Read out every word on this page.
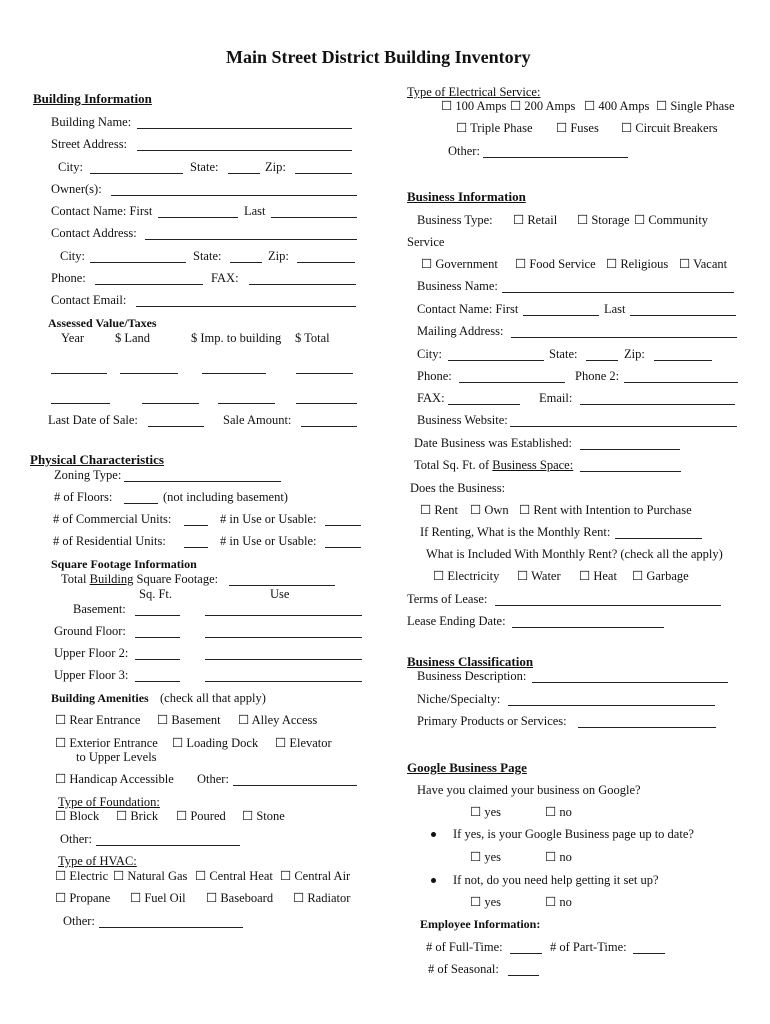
Main Street District Building Inventory
Building Information
Building Name:
Street Address:
City:	State:	Zip:
Owner(s):
Contact Name: First	Last
Contact Address:
City:	State:	Zip:
Phone:	FAX:
Contact Email:
Assessed Value/Taxes
Year $ Land	$ Imp. to building $ Total
Last Date of Sale:	Sale Amount:
Physical Characteristics
Zoning Type:
# of Floors:	(not including basement)
# of Commercial Units:	# in Use or Usable:
# of Residential Units:	# in Use or Usable:
Square Footage Information
Total Building Square Footage:
Sq. Ft.	Use
Basement:
Ground Floor:
Upper Floor 2:
Upper Floor 3:
Building Amenities (check all that apply)
☐ Rear Entrance ☐ Basement ☐ Alley Access
☐ Exterior Entrance ☐ Loading Dock ☐ Elevator
to Upper Levels
☐ Handicap Accessible Other:
Type of Foundation:
☐ Block ☐ Brick ☐ Poured ☐ Stone
Other:
Type of HVAC:
☐ Electric ☐ Natural Gas ☐ Central Heat ☐ Central Air
☐ Propane ☐ Fuel Oil ☐ Baseboard ☐ Radiator
Other:
Type of Electrical Service:
☐ 100 Amps ☐ 200 Amps ☐ 400 Amps ☐ Single Phase
☐ Triple Phase ☐ Fuses ☐ Circuit Breakers
Other:
Business Information
Business Type: ☐ Retail ☐ Storage ☐ Community
Service
☐ Government ☐ Food Service ☐ Religious ☐ Vacant
Business Name:
Contact Name: First	Last
Mailing Address:
City:	State:	Zip:
Phone:	Phone 2:
FAX:	Email:
Business Website:
Date Business was Established:
Total Sq. Ft. of Business Space:
Does the Business:
☐ Rent ☐ Own ☐ Rent with Intention to Purchase
If Renting, What is the Monthly Rent:
What is Included With Monthly Rent? (check all the apply)
☐ Electricity ☐ Water ☐ Heat ☐ Garbage
Terms of Lease:
Lease Ending Date:
Business Classification
Business Description:
Niche/Specialty:
Primary Products or Services:
Google Business Page
Have you claimed your business on Google?
☐ yes	☐ no
If yes, is your Google Business page up to date?
☐ yes	☐ no
If not, do you need help getting it set up?
☐ yes	☐ no
Employee Information:
# of Full-Time:	# of Part-Time:
# of Seasonal:
